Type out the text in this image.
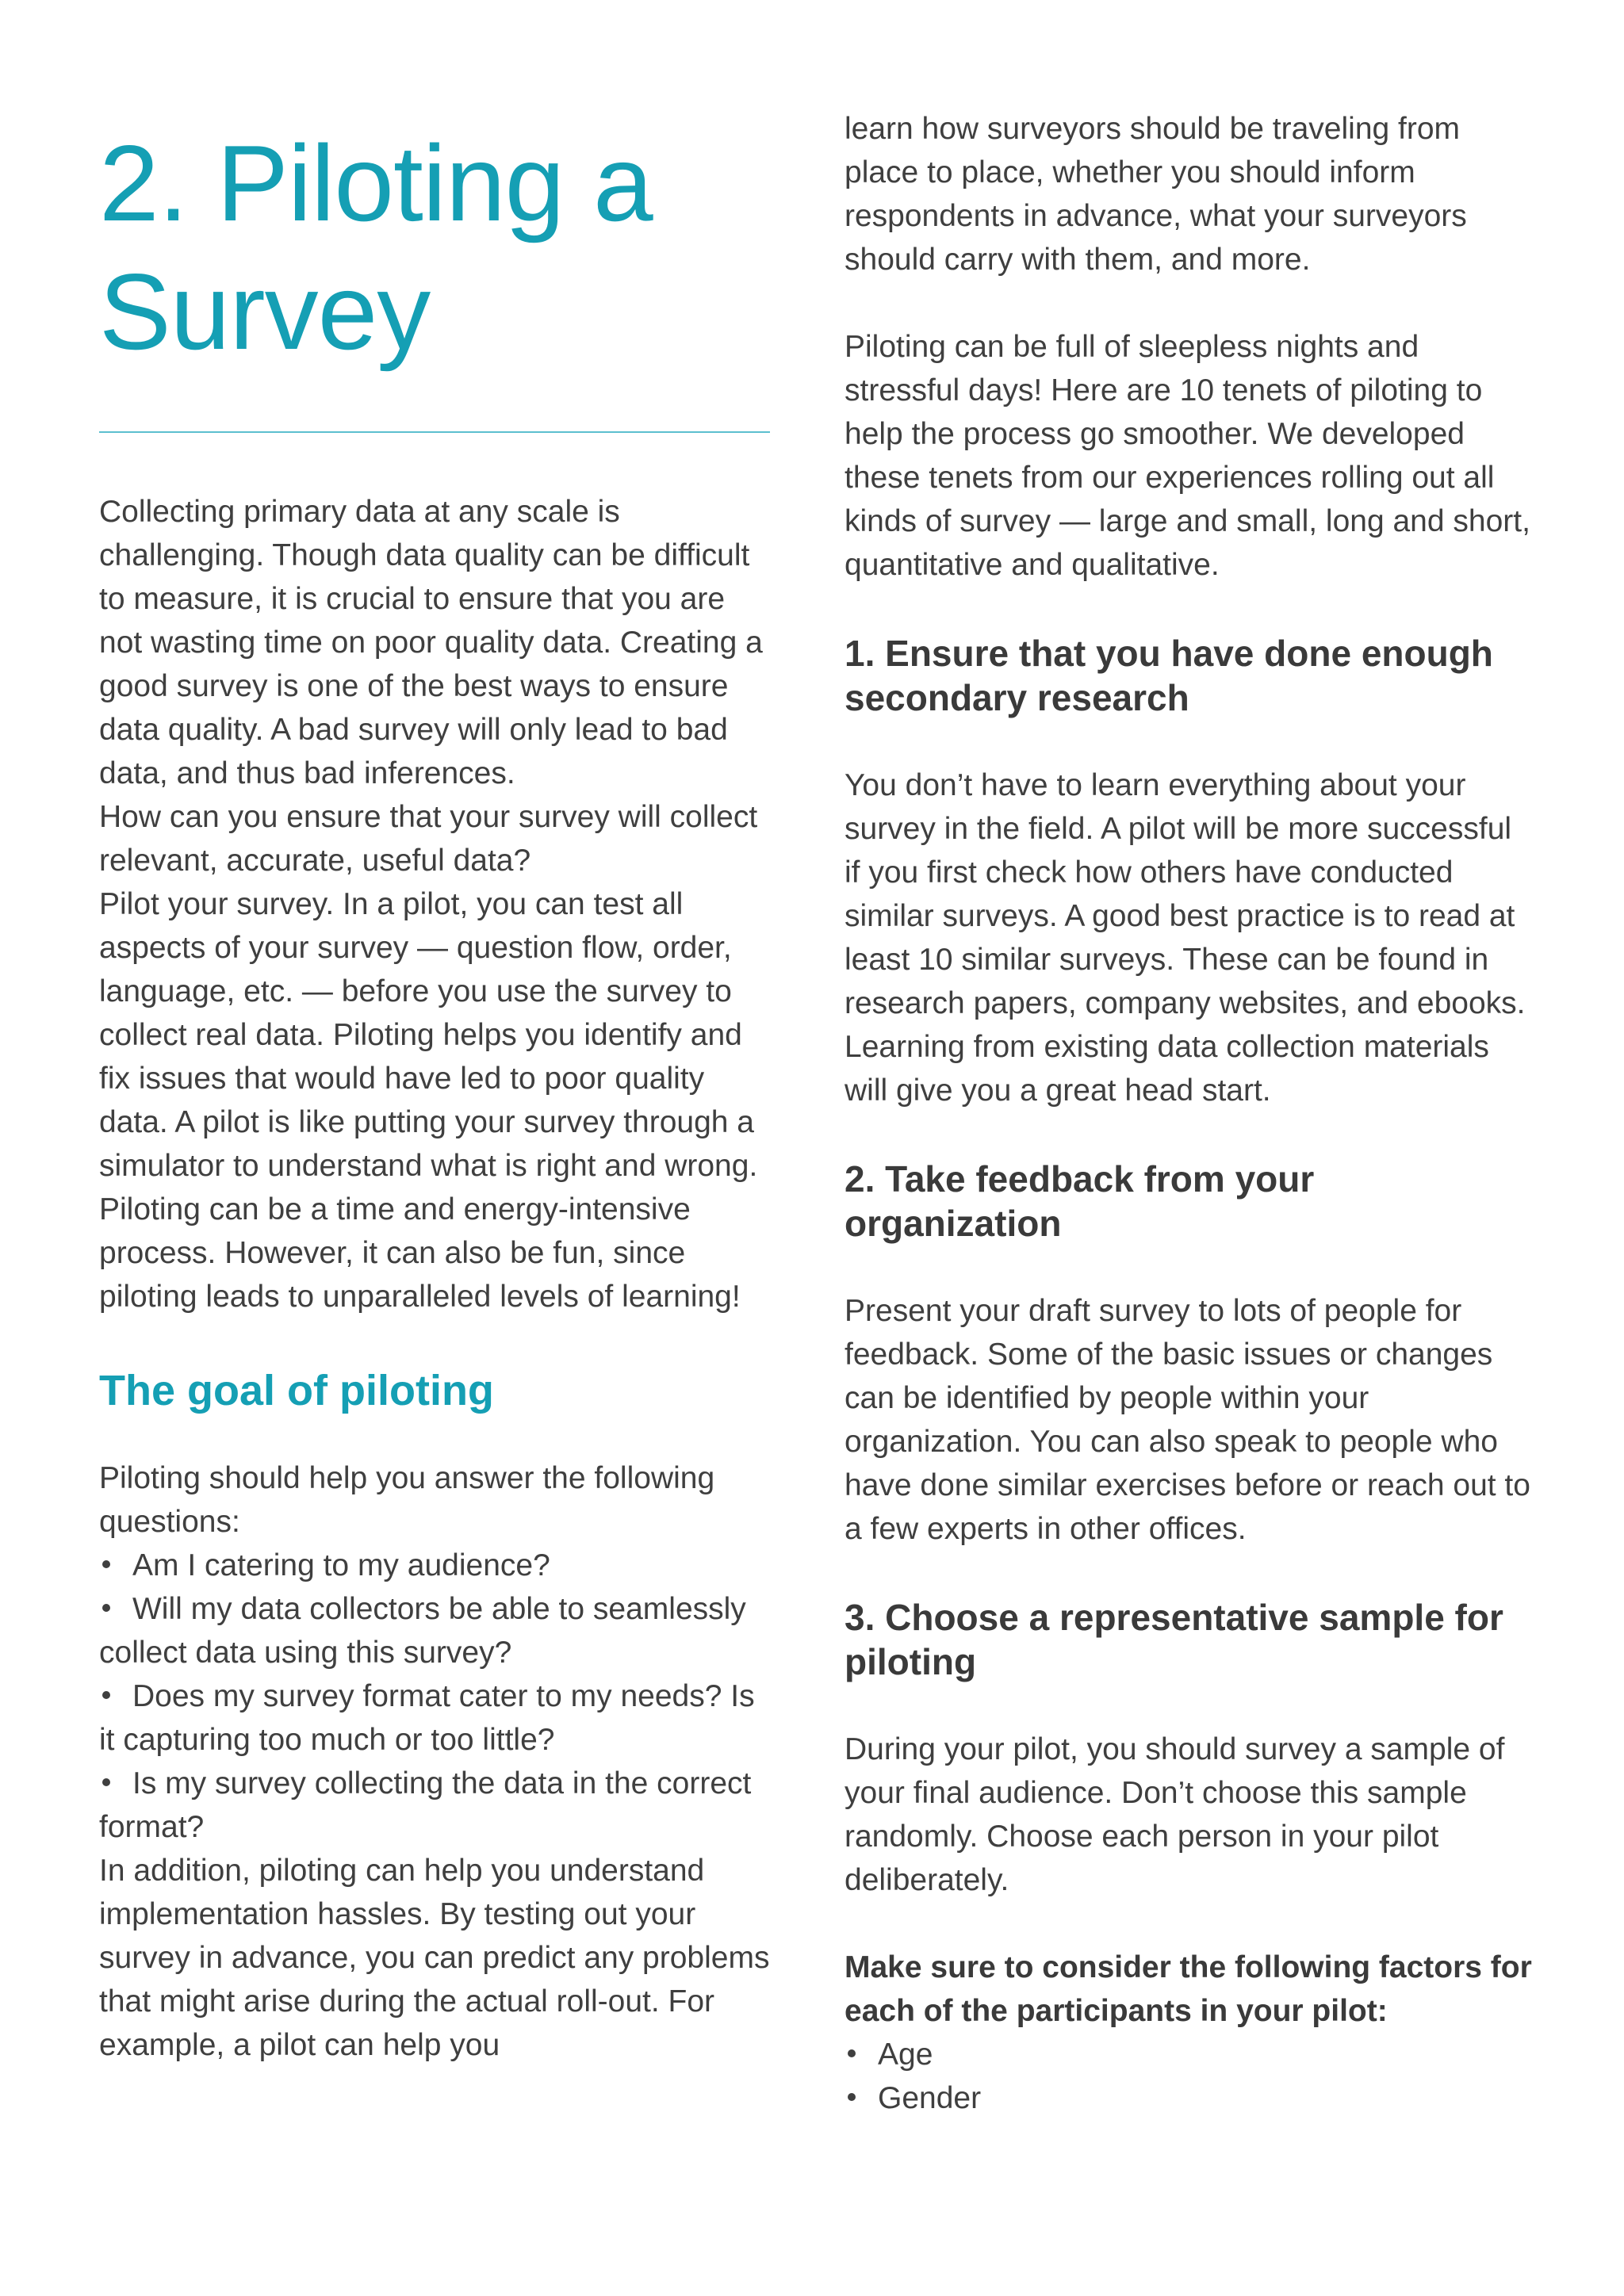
2. Piloting a Survey

Collecting primary data at any scale is challenging. Though data quality can be difficult to measure, it is crucial to ensure that you are not wasting time on poor quality data. Creating a good survey is one of the best ways to ensure data quality. A bad survey will only lead to bad data, and thus bad inferences.

How can you ensure that your survey will collect relevant, accurate, useful data?

Pilot your survey. In a pilot, you can test all aspects of your survey — question flow, order, language, etc. — before you use the survey to collect real data. Piloting helps you identify and fix issues that would have led to poor quality data. A pilot is like putting your survey through a simulator to understand what is right and wrong.

Piloting can be a time and energy-intensive process. However, it can also be fun, since piloting leads to unparalleled levels of learning!

The goal of piloting

Piloting should help you answer the following questions:

Am I catering to my audience?

Will my data collectors be able to seamlessly collect data using this survey?

Does my survey format cater to my needs? Is it capturing too much or too little?

Is my survey collecting the data in the correct format?

In addition, piloting can help you understand implementation hassles. By testing out your survey in advance, you can predict any problems that might arise during the actual roll-out. For example, a pilot can help you

learn how surveyors should be traveling from place to place, whether you should inform respondents in advance, what your surveyors should carry with them, and more.

Piloting can be full of sleepless nights and stressful days! Here are 10 tenets of piloting to help the process go smoother. We developed these tenets from our experiences rolling out all kinds of survey — large and small, long and short, quantitative and qualitative.

1. Ensure that you have done enough secondary research

You don’t have to learn everything about your survey in the field. A pilot will be more successful if you first check how others have conducted similar surveys. A good best practice is to read at least 10 similar surveys. These can be found in research papers, company websites, and ebooks. Learning from existing data collection materials will give you a great head start.

2. Take feedback from your organization

Present your draft survey to lots of people for feedback. Some of the basic issues or changes can be identified by people within your organization. You can also speak to people who have done similar exercises before or reach out to a few experts in other offices.

3. Choose a representative sample for piloting

During your pilot, you should survey a sample of your final audience. Don’t choose this sample randomly. Choose each person in your pilot deliberately.

Make sure to consider the following factors for each of the participants in your pilot:

Age

Gender
